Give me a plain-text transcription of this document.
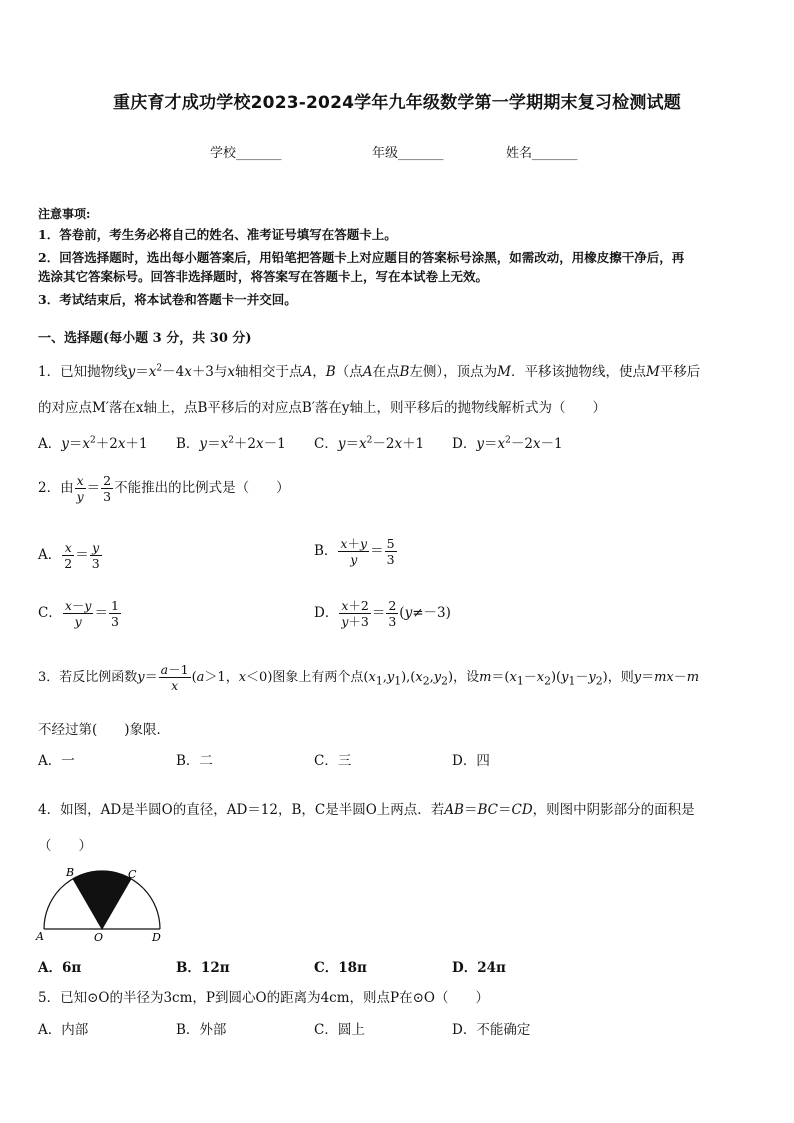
重庆育才成功学校2023-2024学年九年级数学第一学期期末复习检测试题
学校_______	年级_______	姓名_______
注意事项:
1．答卷前，考生务必将自己的姓名、准考证号填写在答题卡上。
2．回答选择题时，选出每小题答案后，用铅笔把答题卡上对应题目的答案标号涂黑，如需改动，用橡皮擦干净后，再
选涂其它答案标号。回答非选择题时，将答案写在答题卡上，写在本试卷上无效。
3．考试结束后，将本试卷和答题卡一并交回。
一、选择题(每小题 3 分，共 30 分)
1．已知抛物线$y=x^2-4x+3$与x轴相交于点A，B（点A在点B左侧），顶点为M．平移该抛物线，使点M平移后
的对应点M′落在x轴上，点B平移后的对应点B′落在y轴上，则平移后的抛物线解析式为（　　）
A．$y=x^2+2x+1$ B．$y=x^2+2x-1$ C．$y=x^2-2x+1$ D．$y=x^2-2x-1$
2．由 $\frac{x}{y} = \frac{2}{3}$ 不能推出的比例式是（　　）
A． $\frac{x}{2} = \frac{y}{3}$	B． $\frac{x+y}{y} = \frac{5}{3}$
C． $\frac{x-y}{y} = \frac{1}{3}$	D． $\frac{x+2}{y+3} = \frac{2}{3} (y\ne-3)$
3．若反比例函数$y= \frac{a-1}{x} (a>1$，x＜0)图象上有两个点$(x_1,y_1),(x_2,y_2)$，设$m=(x_1-x_2)(y_1-y_2)$，则y＝mx－m
不经过第(　　)象限．
A．一	B．二	C．三	D．四
4．如图，AD是半圆O的直径，AD＝12，B，C是半圆O上两点．若AB＝BC＝CD，则图中阴影部分的面积是
（　　）
A
B	C
D
O
A．6π	B．12π	C．18π	D．24π
5．已知⊙O的半径为3cm，P到圆心O的距离为4cm，则点P在⊙O（　　）
A．内部	B．外部	C．圆上	D．不能确定
